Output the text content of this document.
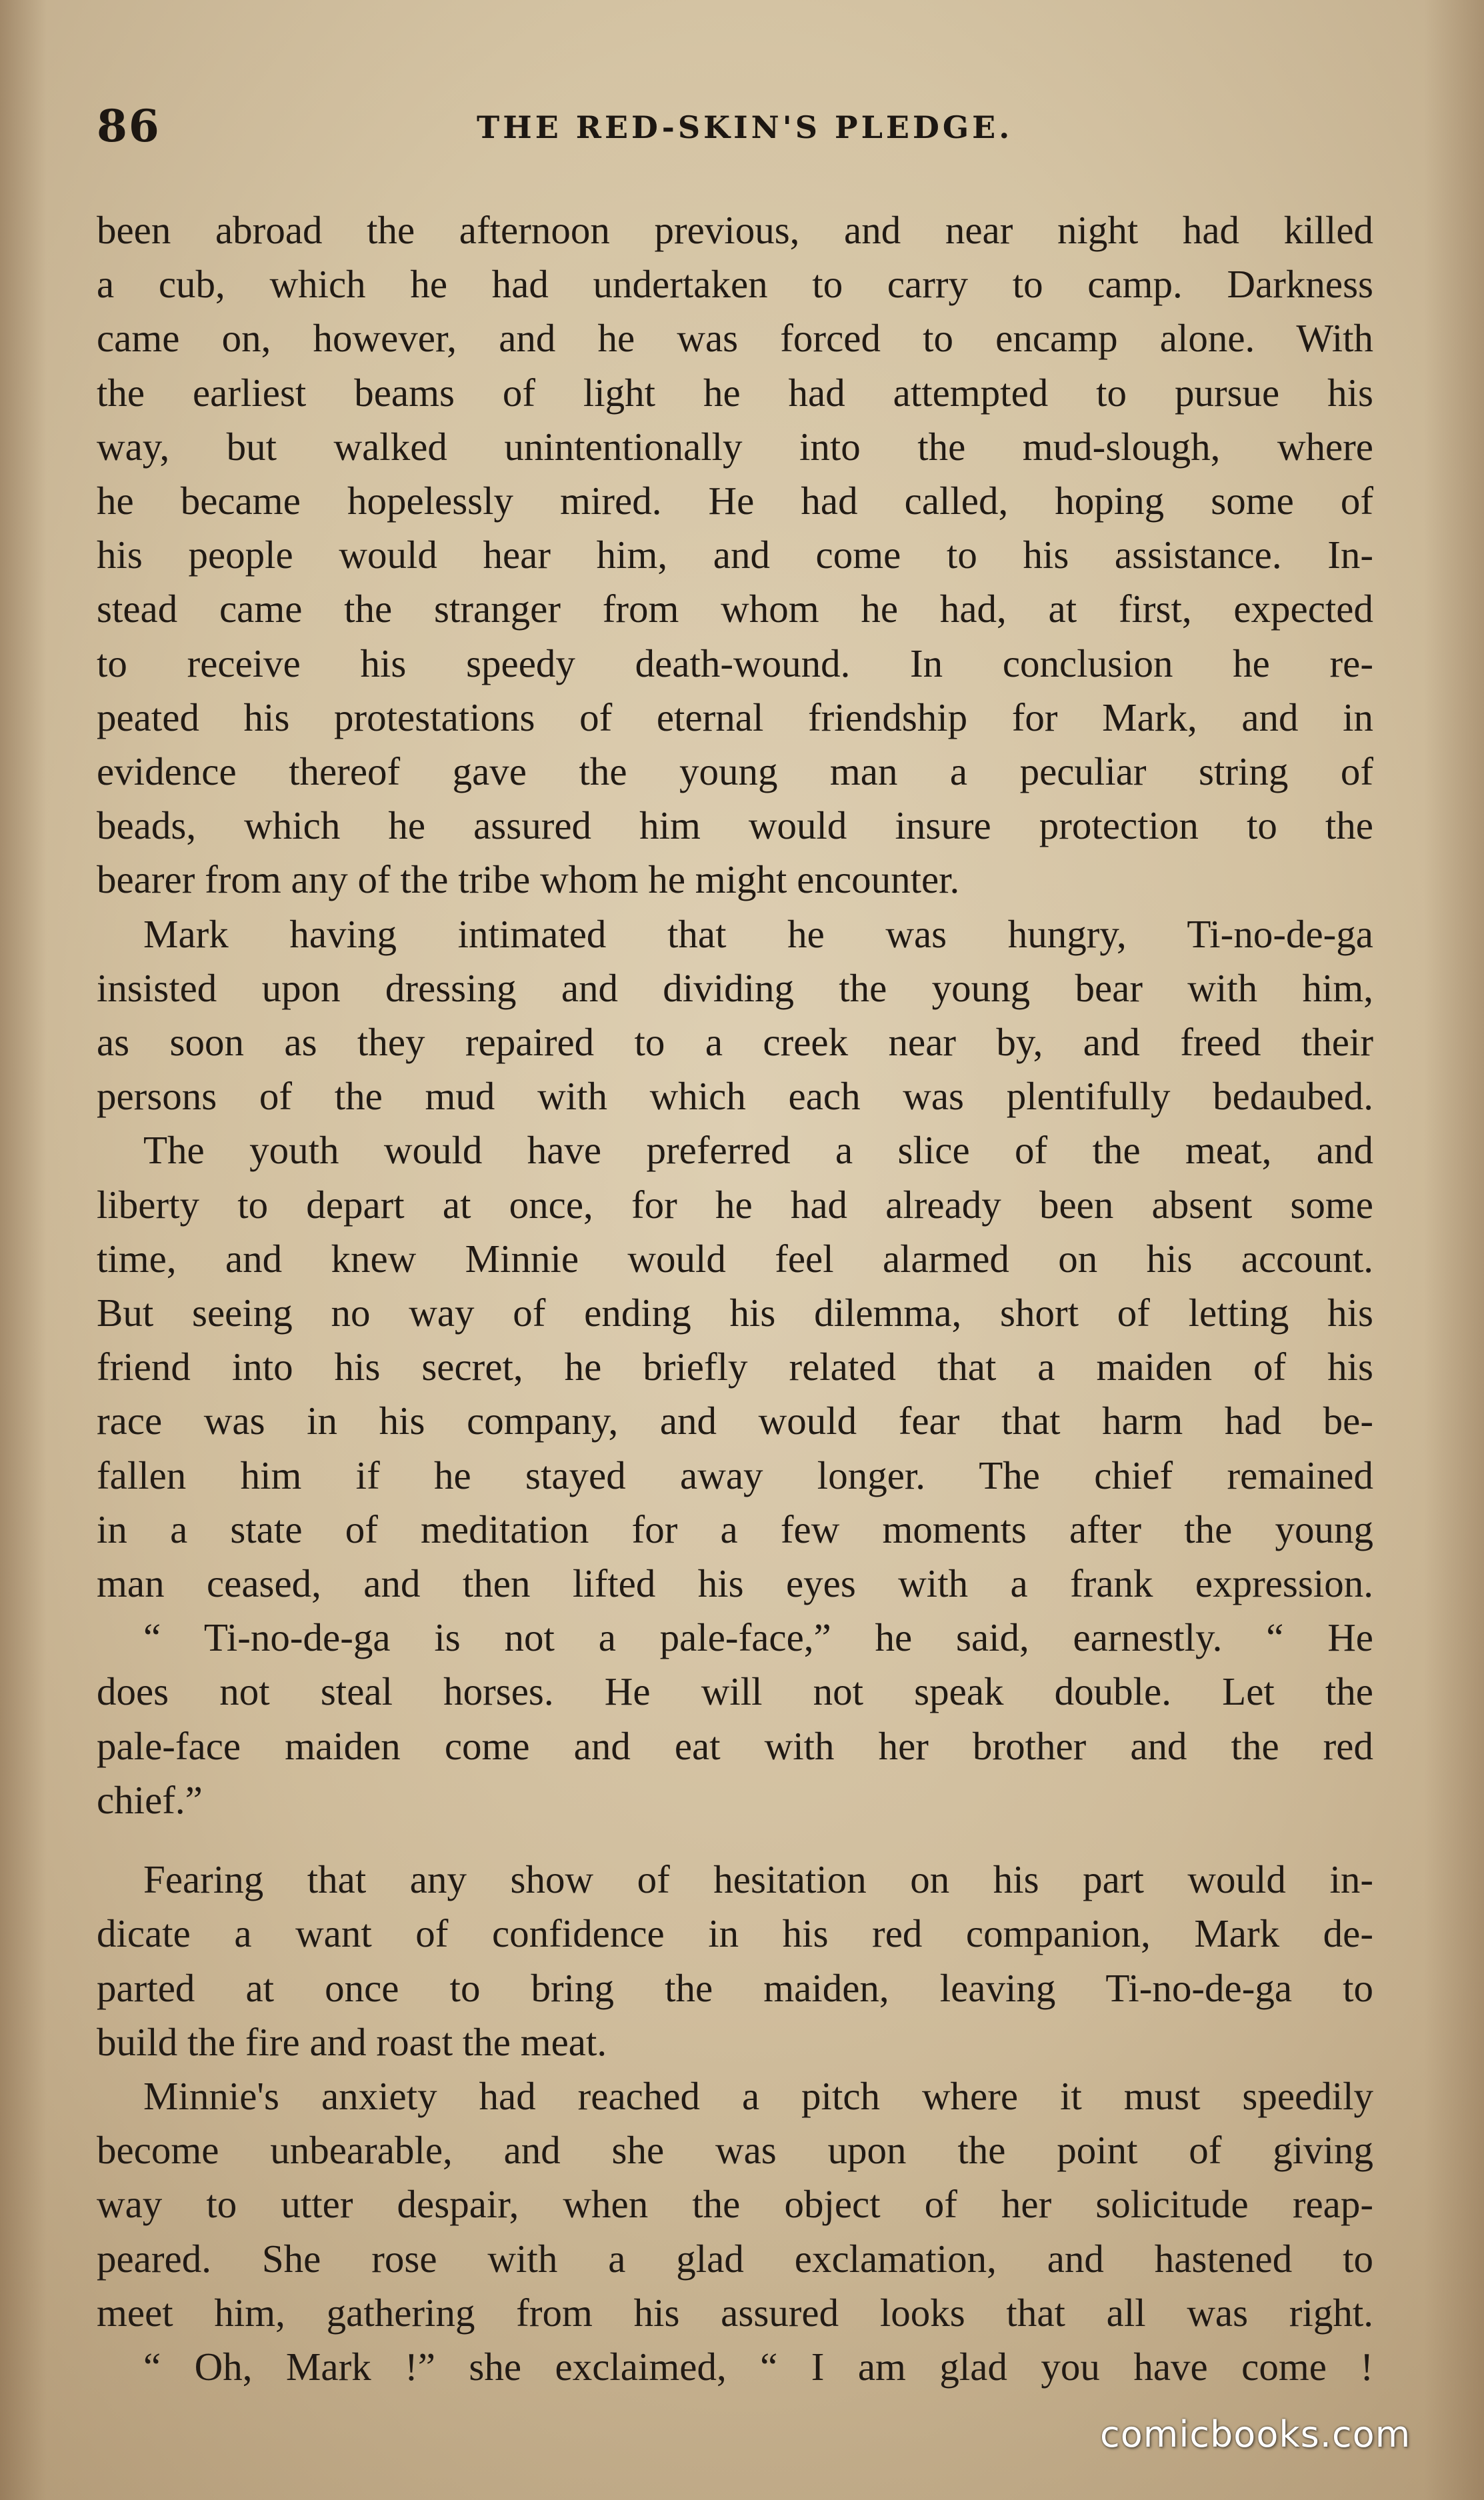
86	THE RED-SKIN'S PLEDGE.
been abroad the afternoon previous, and near night had killed
a cub, which he had undertaken to carry to camp. Darkness
came on, however, and he was forced to encamp alone. With
the earliest beams of light he had attempted to pursue his
way, but walked unintentionally into the mud-slough, where
he became hopelessly mired. He had called, hoping some of
his people would hear him, and come to his assistance. In-
stead came the stranger from whom he had, at first, expected
to receive his speedy death-wound. In conclusion he re-
peated his protestations of eternal friendship for Mark, and in
evidence thereof gave the young man a peculiar string of
beads, which he assured him would insure protection to the
bearer from any of the tribe whom he might encounter.
Mark having intimated that he was hungry, Ti-no-de-ga
insisted upon dressing and dividing the young bear with him,
as soon as they repaired to a creek near by, and freed their
persons of the mud with which each was plentifully bedaubed.
The youth would have preferred a slice of the meat, and
liberty to depart at once, for he had already been absent some
time, and knew Minnie would feel alarmed on his account.
But seeing no way of ending his dilemma, short of letting his
friend into his secret, he briefly related that a maiden of his
race was in his company, and would fear that harm had be-
fallen him if he stayed away longer. The chief remained
in a state of meditation for a few moments after the young
man ceased, and then lifted his eyes with a frank expression.
“ Ti-no-de-ga is not a pale-face,” he said, earnestly. “ He
does not steal horses. He will not speak double. Let the
pale-face maiden come and eat with her brother and the red
chief.”
Fearing that any show of hesitation on his part would in-
dicate a want of confidence in his red companion, Mark de-
parted at once to bring the maiden, leaving Ti-no-de-ga to
build the fire and roast the meat.
Minnie's anxiety had reached a pitch where it must speedily
become unbearable, and she was upon the point of giving
way to utter despair, when the object of her solicitude reap-
peared. She rose with a glad exclamation, and hastened to
meet him, gathering from his assured looks that all was right.
“ Oh, Mark !” she exclaimed, “ I am glad you have come !
comicbooks.com
